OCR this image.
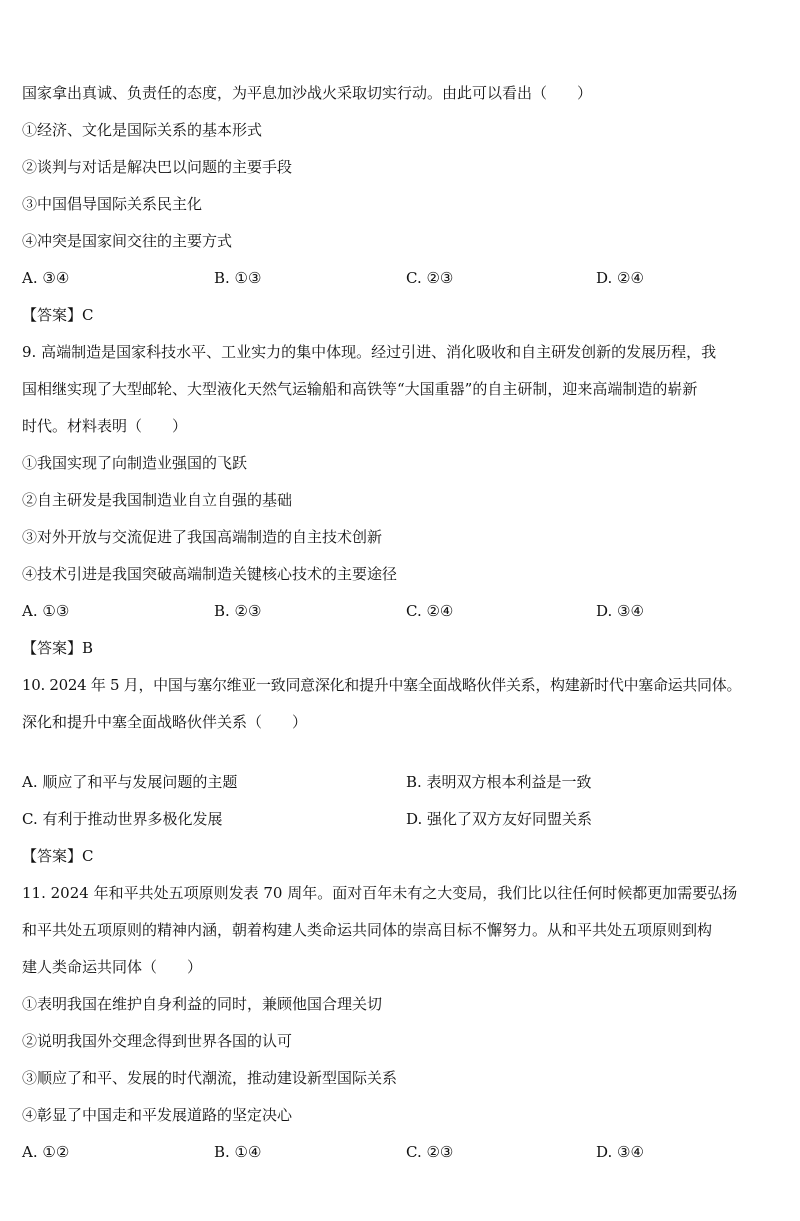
国家拿出真诚、负责任的态度，为平息加沙战火采取切实行动。由此可以看出（　　）
①经济、文化是国际关系的基本形式
②谈判与对话是解决巴以问题的主要手段
③中国倡导国际关系民主化
④冲突是国家间交往的主要方式
A. ③④	B. ①③	C. ②③	D. ②④
【答案】C
9. 高端制造是国家科技水平、工业实力的集中体现。经过引进、消化吸收和自主研发创新的发展历程，我
国相继实现了大型邮轮、大型液化天然气运输船和高铁等“大国重器”的自主研制，迎来高端制造的崭新
时代。材料表明（　　）
①我国实现了向制造业强国的飞跃
②自主研发是我国制造业自立自强的基础
③对外开放与交流促进了我国高端制造的自主技术创新
④技术引进是我国突破高端制造关键核心技术的主要途径
A. ①③	B. ②③	C. ②④	D. ③④
【答案】B
10. 2024 年 5 月，中国与塞尔维亚一致同意深化和提升中塞全面战略伙伴关系，构建新时代中塞命运共同体。
深化和提升中塞全面战略伙伴关系（　　）
A. 顺应了和平与发展问题的主题	B. 表明双方根本利益是一致
C. 有利于推动世界多极化发展	D. 强化了双方友好同盟关系
【答案】C
11. 2024 年和平共处五项原则发表 70 周年。面对百年未有之大变局，我们比以往任何时候都更加需要弘扬
和平共处五项原则的精神内涵，朝着构建人类命运共同体的崇高目标不懈努力。从和平共处五项原则到构
建人类命运共同体（　　）
①表明我国在维护自身利益的同时，兼顾他国合理关切
②说明我国外交理念得到世界各国的认可
③顺应了和平、发展的时代潮流，推动建设新型国际关系
④彰显了中国走和平发展道路的坚定决心
A. ①②	B. ①④	C. ②③	D. ③④
